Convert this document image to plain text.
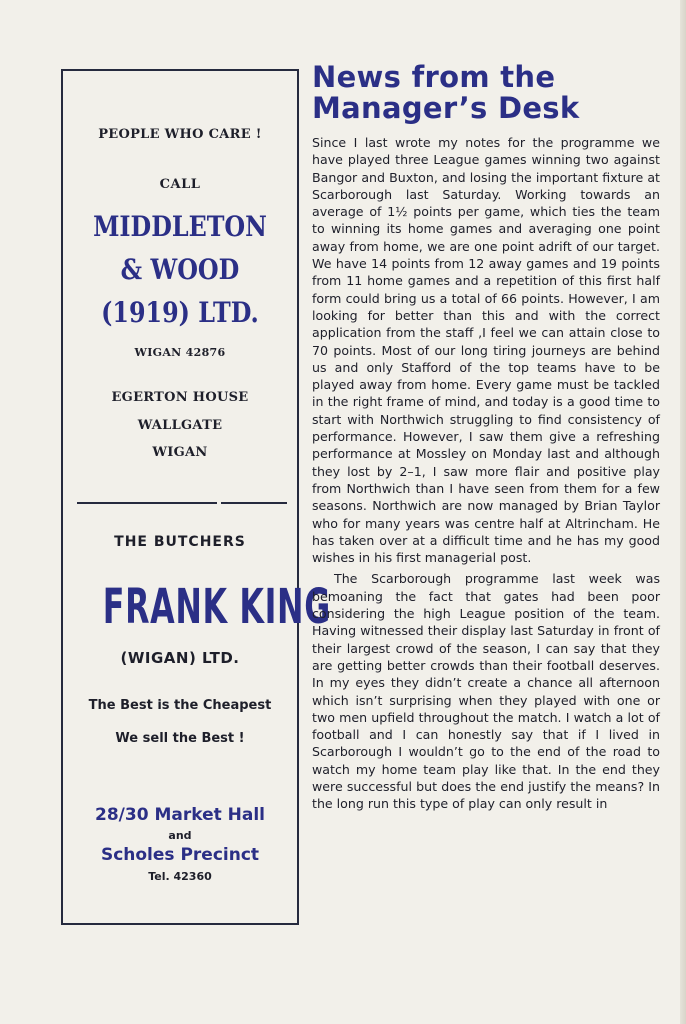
PEOPLE WHO CARE !
CALL
MIDDLETON
& WOOD
(1919) LTD.
WIGAN 42876
EGERTON HOUSE
WALLGATE
WIGAN
THE BUTCHERS
FRANK KING
(WIGAN) LTD.
The Best is the Cheapest
We sell the Best !
28/30 Market Hall
and
Scholes Precinct
Tel. 42360
News from the
Manager’s Desk

Since I last wrote my notes for the programme we have played three League games winning two against Bangor and Buxton, and losing the important fixture at Scarborough last Saturday. Working towards an average of 1½ points per game, which ties the team to winning its home games and averaging one point away from home, we are one point adrift of our target. We have 14 points from 12 away games and 19 points from 11 home games and a repetition of this first half form could bring us a total of 66 points. However, I am looking for better than this and with the correct application from the staff ,I feel we can attain close to 70 points. Most of our long tiring journeys are behind us and only Stafford of the top teams have to be played away from home. Every game must be tackled in the right frame of mind, and today is a good time to start with Northwich struggling to find consistency of performance. However, I saw them give a refreshing performance at Mossley on Monday last and although they lost by 2–1, I saw more flair and positive play from Northwich than I have seen from them for a few seasons. Northwich are now managed by Brian Taylor who for many years was centre half at Altrincham. He has taken over at a difficult time and he has my good wishes in his first managerial post.

The Scarborough programme last week was bemoaning the fact that gates had been poor considering the high League position of the team. Having witnessed their display last Saturday in front of their largest crowd of the season, I can say that they are getting better crowds than their football deserves. In my eyes they didn’t create a chance all afternoon which isn’t surprising when they played with one or two men upfield throughout the match. I watch a lot of football and I can honestly say that if I lived in Scarborough I wouldn’t go to the end of the road to watch my home team play like that. In the end they were successful but does the end justify the means? In the long run this type of play can only result in
